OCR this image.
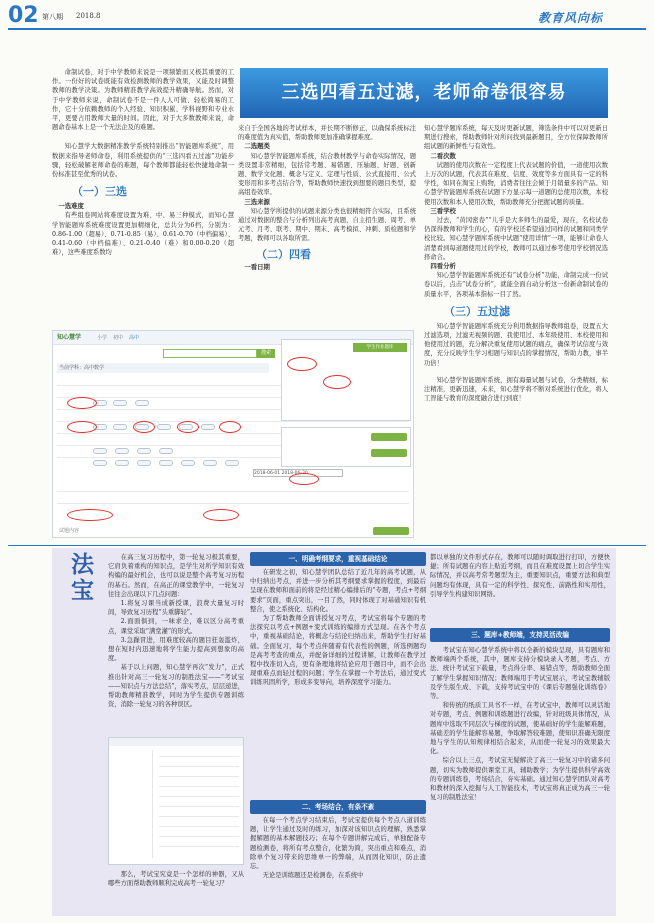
02 第八期 2018.8	教育风向标

命制试卷，对于中学教师来说是一项频繁而又极其重要的工作。一份好的试卷既能有效检测教师的教学效果，又能及时调整教师的教学决策。为教师精准教学高效提升精确导航。然而，对于中学教师来说，命制试卷不是一件人人可做、轻松简易的工作，它十分依赖教师的个人经验、知识积累、学科视野和专业水平，更要占用教师大量的时间。因此，对于大多数教师来说，命题命卷基本上是一个无法企及的难题。

知心慧学大数据精准教学系统特别推出“智能题库系统”，用数据来指导老师命卷，利用系统提供的“三选四看五过滤”功能步骤，轻松破解老师命卷的难题，每个教师都能轻松快捷地命制一份标准甚至优秀的试卷。

（一）三选
一选难度

有些组卷网站将难度设置为难、中、易三种模式，而知心慧学智能题库系统难度设置更加精细化，总共分为6档，分别为：0.86-1.00（超易）、0.71-0.85（易）、0.61-0.70（中档偏易）、0.41-0.60（中档偏难）、0.21-0.40（难）和0.00-0.20（超难），这些难度系数均

三选四看五过滤，老师命卷很容易

来自于全国各地的考试样本，并长期不断修正，以确保系统标注的难度值为真实值，帮助教师更加准确掌握难度。

二选题类

知心慧学智能题库系统，结合教材教学与命卷实际情况，题类设置非常精细，包括常考题、易错题、压轴题、好题、创新题、数学文化题、概念与定义、定理与性质、公式直接用、公式变形用和多考点结合等，帮助教师快速找到想要的题目类型，提高组卷效率。

三选来源

知心慧学所提供的试题来源分类也很精细符合实际，且系统通过对数据的整合与分析列出高考真题，自主招生题、周考、单元考、月考、联考、期中、期末、高考模拟、冲刺、质检题和学考题，教师可以各取所需。

（二）四看
一看日期

知心慧学题库系统，每天及时更新试题，筛选条件中可以对更新日期进行搜索，帮助教师针对所问找到最新题目，全方位保障教师所组试题的新鲜性与有效性。

二看次数

试题的使用次数在一定程度上代表试题的价值，一道使用次数上万次的试题，代表其在难度、信度、效度等多方面具有一定的科学性，如同在淘宝上购物，消费者往往会倾于月销量多的产品。知心慧学智能题库系统在试题下方显示每一道题的总使用次数，本校使用次数和本人使用次数，帮助教师充分把握试题的质量。

三看学校

过去，“黄冈密卷”“儿乎是大多师生的最爱，现在，名校试卷仍深得教师和学生的心，有的学校还希望通过同样的试题和同类学校比较。知心慧学题库系统中试题“使用详情”一项，能够让命卷人清楚看到每道题使用过的学校，教师可以通过参考使用学校情况选择命合。

四看分析

知心慧学智能题库系统还有“试卷分析”功能，命制完成一份试卷以后，点击“试卷分析”，就能全面自动分析这一份新命制试卷的质量水平，各项基本指标一目了然。

（三）五过滤

知心慧学智能题库系统充分利用数据指导教师组卷，设置五大过滤选项，过滤无视频的题、我使用过、本年级使用、本校使用和他使用过的题，充分解决重复使用试题的痛点，确保考试信度与效度，充分反映学生学习相题与知识点的掌握情况，帮助力教，事半功倍！

知心慧学智能题库系统，拥有海量试题与试卷，分类精细，标注精准，更新迅速，未来，知心慧学将不断对系统进行优化，将人工智能与教育的深度融合进行到底！

知心慧学	小学 初中 高中
搜索
当前学科：高中数学
2018-06-01 2018-06-30
试题内容
学生作业题库
法宝

在高三复习历程中，第一轮复习极其重要，它肩负着重构的知识点，是学生对所学知识有效构编的最好机会，也可以说是整个高考复习历程的基石。然而，在高正的课堂教学中，一轮复习往往会出现以下几点问题：

1.将复习课当成新授课，浪费大量复习时间，导致复习历程“头重脚轻”。

2.面面俱到，一味求全，难以区分高考重点，课堂采取“满堂灌”的形式。

3.急躁冒进，用难度较高的题目狂轰滥炸，想在短时内迅速地将学生能力提高到想象的高度。

基于以上问题，知心慧学再次“发力”，正式推出针对高三一轮复习的制胜法宝——“考试宝——知识点与方法总结”，落实考点，层层递进，帮助教师精准教学，同时为学生提供专题训练资，消除一轮复习的各种误区。

那么，考试宝究竟是一个怎样的神器，又从哪些方面帮助教师顺利完成高考一轮复习？

一、明确考纲要求，重视基础结论

在研发之初，知心慧学团队总结了近几年的高考试题，从中归纳出考点，并进一步分析其考纲要求掌握的程度，到最后呈现在教师和面前的将是经过精心编排后的“专题，考点+考纲要求”页面，重点突出，一目了然，同时体现了对基础知识有机整合，使之系统化、结构化。

为了帮助教师全面讲授复习考点，考试宝将每个专题的考法探究以考点+例题+变式训练的编排方式呈现。在各个考点中，重视基础结论，将概念与结论归纳出来，帮助学生打好基础。全面复习，每个考点伴随着有代表性的例题，所选例题均是高考考查的重点，并配备详细的过程讲解，让教师在教学过程中找准切入点，更有条理地将结论应用于题目中，而不会出现重难点而轻过程的问题；学生在掌握一个考法后，通过变式训练巩固所学，形成多变导向，培养深度学习能力。

二、考场结合，有条不紊

在每一个考点学习结束后，考试宝提供每个考点八道训练题，让学生通过及时的练习，加深对该知识点的理解，熟悉掌握解题的基本解题技巧；在每个专题讲解完成后，单独配备专题检测卷，将所有考点整合，化繁为简，突出重点和难点，消除单个复习带来的思维单一的弊端，从而固化知识，防止遗忘。

无论是训练题还是检测卷，在系统中

都以单独的文件形式存在，教师可以随时调取进行打印，方便快捷；所有试题在内容上贴近考纲，而且在难度设置上切合学生实际情况，并以高考常考题型为主，重要知识点，重要方法和典型问题均有体现，具有一定的科学性、探究性、前路性和实用性，引导学生构建知识网络。

三、题库+教师端，支持灵活改编

考试宝在知心慧学系统中将以全新的模块呈现，具有题库和教师端两个系统，其中，题库支持分模块录入考题，考点、方法、统计考试宝下载量，考点得分率、易错点等，帮助教师全面了解学生掌握知识情况；教师端用于考试宝展示，考试宝教辅版及学生版生成、下载，支持考试宝中的《课后专题强化训练卷》等。

和传统的纸质工具书不一样，在考试宝中，教师可以灵活地对专题，考点、例题和训练题进行改编，针对班级具体情况，从题库中选取不同层次与梯度的试题，使基础好的学生能解难题，基础差的学生能解容易题，争取解答较难题，使知识准确无限度地与学生的认知规律相结合起来，从而使一轮复习的效果最大化。

综合以上三点，考试宝无疑解决了高三一轮复习中的诸多问题，切实为教师提供课堂工具，辅助教学；为学生提供科学高效的专题训练卷，考场结合，夯实基础。通过知心慧学团队对高考和教材的深入挖掘与人工智能技术，考试宝将真正成为高三一轮复习的制胜法宝！
